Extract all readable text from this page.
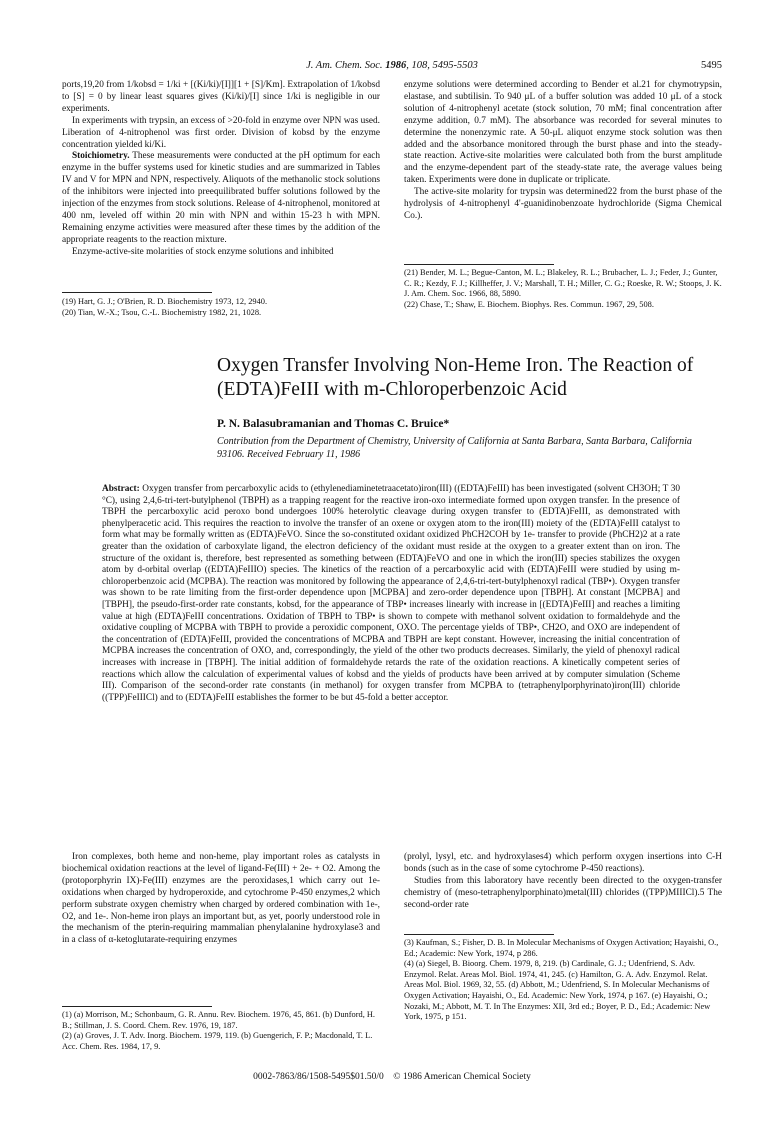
J. Am. Chem. Soc. 1986, 108, 5495-5503	5495

ports,19,20 from 1/kobsd = 1/ki + [(Ki/ki)/[I]][1 + [S]/Km]. Extrapolation of 1/kobsd to [S] = 0 by linear least squares gives (Ki/ki)/[I] since 1/ki is negligible in our experiments.

In experiments with trypsin, an excess of >20-fold in enzyme over NPN was used. Liberation of 4-nitrophenol was first order. Division of kobsd by the enzyme concentration yielded ki/Ki.

Stoichiometry. These measurements were conducted at the pH optimum for each enzyme in the buffer systems used for kinetic studies and are summarized in Tables IV and V for MPN and NPN, respectively. Aliquots of the methanolic stock solutions of the inhibitors were injected into preequilibrated buffer solutions followed by the injection of the enzymes from stock solutions. Release of 4-nitrophenol, monitored at 400 nm, leveled off within 20 min with NPN and within 15-23 h with MPN. Remaining enzyme activities were measured after these times by the addition of the appropriate reagents to the reaction mixture.

Enzyme-active-site molarities of stock enzyme solutions and inhibited

(19) Hart, G. J.; O'Brien, R. D. Biochemistry 1973, 12, 2940.

(20) Tian, W.-X.; Tsou, C.-L. Biochemistry 1982, 21, 1028.

enzyme solutions were determined according to Bender et al.21 for chymotrypsin, elastase, and subtilisin. To 940 μL of a buffer solution was added 10 μL of a stock solution of 4-nitrophenyl acetate (stock solution, 70 mM; final concentration after enzyme addition, 0.7 mM). The absorbance was recorded for several minutes to determine the nonenzymic rate. A 50-μL aliquot enzyme stock solution was then added and the absorbance monitored through the burst phase and into the steady-state reaction. Active-site molarities were calculated both from the burst amplitude and the enzyme-dependent part of the steady-state rate, the average values being taken. Experiments were done in duplicate or triplicate.

The active-site molarity for trypsin was determined22 from the burst phase of the hydrolysis of 4-nitrophenyl 4'-guanidinobenzoate hydrochloride (Sigma Chemical Co.).

(21) Bender, M. L.; Begue-Canton, M. L.; Blakeley, R. L.; Brubacher, L. J.; Feder, J.; Gunter, C. R.; Kezdy, F. J.; Killheffer, J. V.; Marshall, T. H.; Miller, C. G.; Roeske, R. W.; Stoops, J. K. J. Am. Chem. Soc. 1966, 88, 5890.

(22) Chase, T.; Shaw, E. Biochem. Biophys. Res. Commun. 1967, 29, 508.

Oxygen Transfer Involving Non-Heme Iron. The Reaction of
(EDTA)FeIII with m-Chloroperbenzoic Acid
P. N. Balasubramanian and Thomas C. Bruice*
Contribution from the Department of Chemistry, University of California at Santa Barbara, Santa Barbara, California 93106. Received February 11, 1986
Abstract: Oxygen transfer from percarboxylic acids to (ethylenediaminetetraacetato)iron(III) ((EDTA)FeIII) has been investigated (solvent CH3OH; T 30 °C), using 2,4,6-tri-tert-butylphenol (TBPH) as a trapping reagent for the reactive iron-oxo intermediate formed upon oxygen transfer. In the presence of TBPH the percarboxylic acid peroxo bond undergoes 100% heterolytic cleavage during oxygen transfer to (EDTA)FeIII, as demonstrated with phenylperacetic acid. This requires the reaction to involve the transfer of an oxene or oxygen atom to the iron(III) moiety of the (EDTA)FeIII catalyst to form what may be formally written as (EDTA)FeVO. Since the so-constituted oxidant oxidized PhCH2COH by 1e- transfer to provide (PhCH2)2 at a rate greater than the oxidation of carboxylate ligand, the electron deficiency of the oxidant must reside at the oxygen to a greater extent than on iron. The structure of the oxidant is, therefore, best represented as something between (EDTA)FeVO and one in which the iron(III) species stabilizes the oxygen atom by d-orbital overlap ((EDTA)FeIIIO) species. The kinetics of the reaction of a percarboxylic acid with (EDTA)FeIII were studied by using m-chloroperbenzoic acid (MCPBA). The reaction was monitored by following the appearance of 2,4,6-tri-tert-butylphenoxyl radical (TBP•). Oxygen transfer was shown to be rate limiting from the first-order dependence upon [MCPBA] and zero-order dependence upon [TBPH]. At constant [MCPBA] and [TBPH], the pseudo-first-order rate constants, kobsd, for the appearance of TBP• increases linearly with increase in [(EDTA)FeIII] and reaches a limiting value at high (EDTA)FeIII concentrations. Oxidation of TBPH to TBP• is shown to compete with methanol solvent oxidation to formaldehyde and the oxidative coupling of MCPBA with TBPH to provide a peroxidic component, OXO. The percentage yields of TBP•, CH2O, and OXO are independent of the concentration of (EDTA)FeIII, provided the concentrations of MCPBA and TBPH are kept constant. However, increasing the initial concentration of MCPBA increases the concentration of OXO, and, correspondingly, the yield of the other two products decreases. Similarly, the yield of phenoxyl radical increases with increase in [TBPH]. The initial addition of formaldehyde retards the rate of the oxidation reactions. A kinetically competent series of reactions which allow the calculation of experimental values of kobsd and the yields of products have been arrived at by computer simulation (Scheme III). Comparison of the second-order rate constants (in methanol) for oxygen transfer from MCPBA to (tetraphenylporphyrinato)iron(III) chloride ((TPP)FeIIICl) and to (EDTA)FeIII establishes the former to be but 45-fold a better acceptor.

Iron complexes, both heme and non-heme, play important roles as catalysts in biochemical oxidation reactions at the level of ligand-Fe(III) + 2e- + O2. Among the (protoporphyrin IX)-Fe(III) enzymes are the peroxidases,1 which carry out 1e- oxidations when charged by hydroperoxide, and cytochrome P-450 enzymes,2 which perform substrate oxygen chemistry when charged by ordered combination with 1e-, O2, and 1e-. Non-heme iron plays an important but, as yet, poorly understood role in the mechanism of the pterin-requiring mammalian phenylalanine hydroxylase3 and in a class of α-ketoglutarate-requiring enzymes

(1) (a) Morrison, M.; Schonbaum, G. R. Annu. Rev. Biochem. 1976, 45, 861. (b) Dunford, H. B.; Stillman, J. S. Coord. Chem. Rev. 1976, 19, 187.

(2) (a) Groves, J. T. Adv. Inorg. Biochem. 1979, 119. (b) Guengerich, F. P.; Macdonald, T. L. Acc. Chem. Res. 1984, 17, 9.

(prolyl, lysyl, etc. and hydroxylases4) which perform oxygen insertions into C-H bonds (such as in the case of some cytochrome P-450 reactions).

Studies from this laboratory have recently been directed to the oxygen-transfer chemistry of (meso-tetraphenylporphinato)metal(III) chlorides ((TPP)MIIICl).5 The second-order rate

(3) Kaufman, S.; Fisher, D. B. In Molecular Mechanisms of Oxygen Activation; Hayaishi, O., Ed.; Academic: New York, 1974, p 286.

(4) (a) Siegel, B. Bioorg. Chem. 1979, 8, 219. (b) Cardinale, G. J.; Udenfriend, S. Adv. Enzymol. Relat. Areas Mol. Biol. 1974, 41, 245. (c) Hamilton, G. A. Adv. Enzymol. Relat. Areas Mol. Biol. 1969, 32, 55. (d) Abbott, M.; Udenfriend, S. In Molecular Mechanisms of Oxygen Activation; Hayaishi, O., Ed. Academic: New York, 1974, p 167. (e) Hayaishi, O.; Nozaki, M.; Abbott, M. T. In The Enzymes: XII, 3rd ed.; Boyer, P. D., Ed.; Academic: New York, 1975, p 151.

0002-7863/86/1508-5495$01.50/0 © 1986 American Chemical Society
